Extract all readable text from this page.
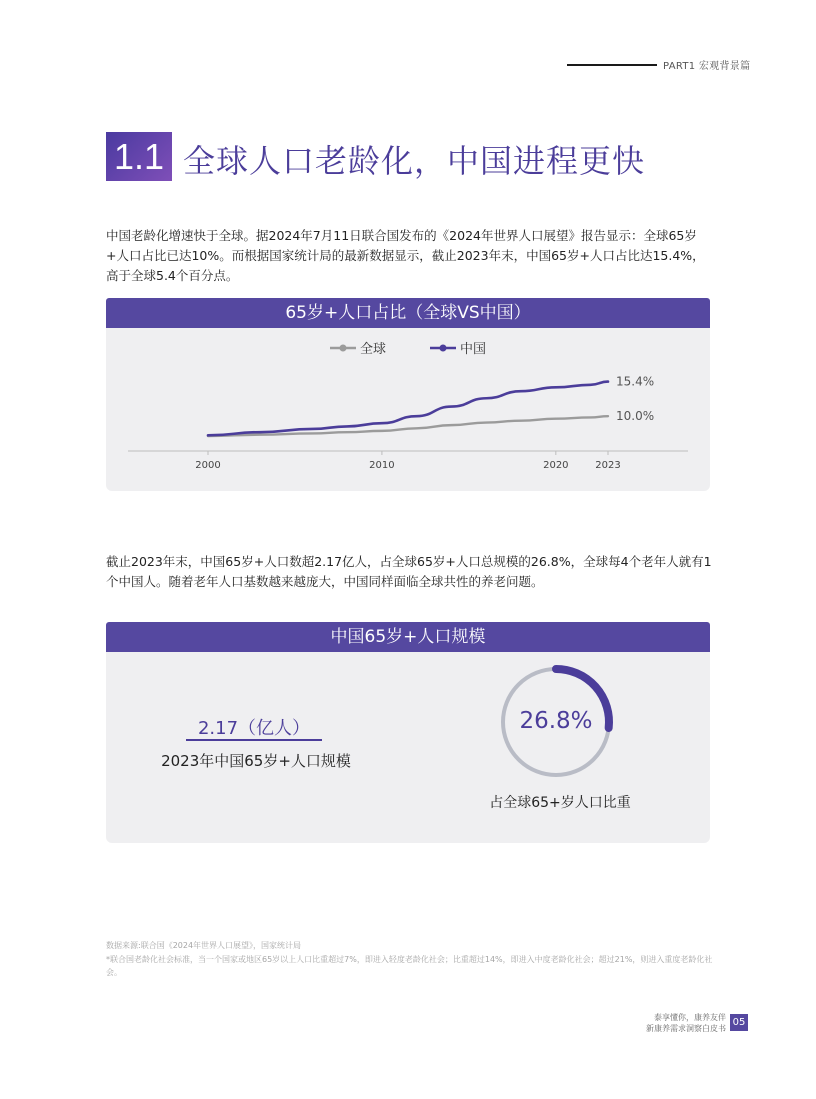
PART1 宏观背景篇
1.1 全球人口老龄化，中国进程更快
中国老龄化增速快于全球。据2024年7月11日联合国发布的《2024年世界人口展望》报告显示：全球65岁+人口占比已达10%。而根据国家统计局的最新数据显示，截止2023年末，中国65岁+人口占比达15.4%，高于全球5.4个百分点。
65岁+人口占比（全球VS中国）
2000	2010	2020	2023
10.0%
15.4%
全球	中国
截止2023年末，中国65岁+人口数超2.17亿人，占全球65岁+人口总规模的26.8%，全球每4个老年人就有1个中国人。随着老年人口基数越来越庞大，中国同样面临全球共性的养老问题。
中国65岁+人口规模
2.17（亿人）
2023年中国65岁+人口规模
26.8%
占全球65+岁人口比重
数据来源:联合国《2024年世界人口展望》，国家统计局
*联合国老龄化社会标准，当一个国家或地区65岁以上人口比重超过7%，即进入轻度老龄化社会；比重超过14%，即进入中度老龄化社会；超过21%，则进入重度老龄化社会。
泰享懂你，康养友伴
新康养需求洞察白皮书
05
